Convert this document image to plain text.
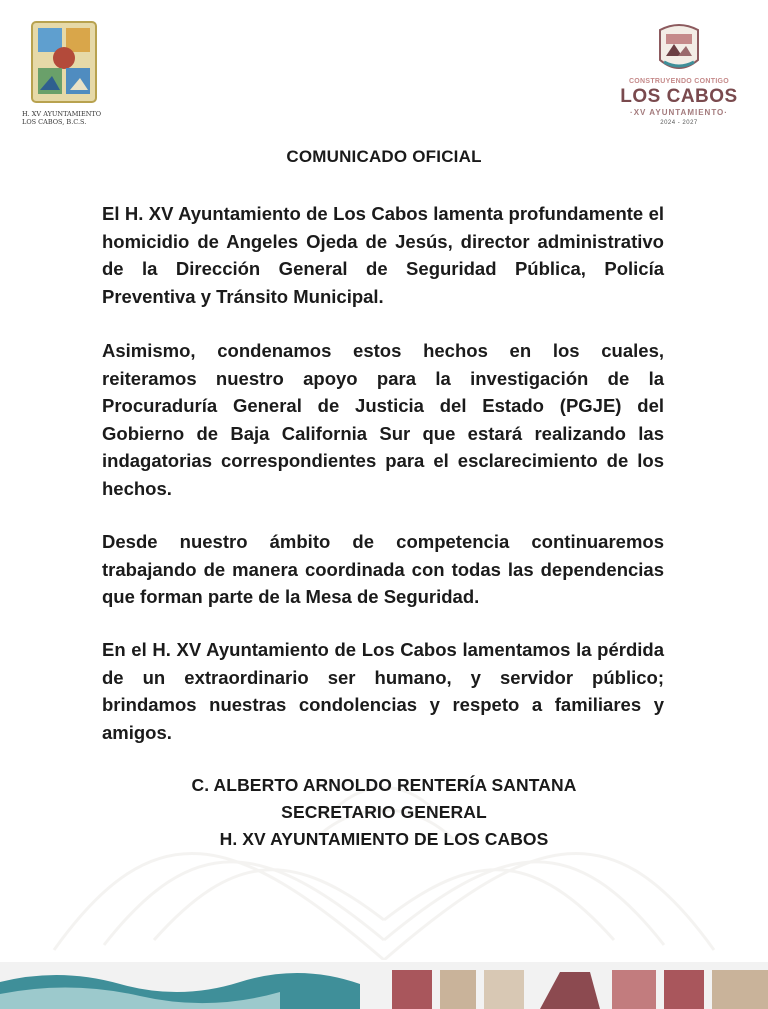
H. XV AYUNTAMIENTO
LOS CABOS, B.C.S.
CONSTRUYENDO CONTIGO
LOS CABOS
·XV AYUNTAMIENTO·
2024 - 2027
COMUNICADO OFICIAL
El H. XV Ayuntamiento de Los Cabos lamenta profundamente el homicidio de Angeles Ojeda de Jesús, director administrativo de la Dirección General de Seguridad Pública, Policía Preventiva y Tránsito Municipal.
Asimismo, condenamos estos hechos en los cuales, reiteramos nuestro apoyo para la investigación de la Procuraduría General de Justicia del Estado (PGJE) del Gobierno de Baja California Sur que estará realizando las indagatorias correspondientes para el esclarecimiento de los hechos.
Desde nuestro ámbito de competencia continuaremos trabajando de manera coordinada con todas las dependencias que forman parte de la Mesa de Seguridad.
En el H. XV Ayuntamiento de Los Cabos lamentamos la pérdida de un extraordinario ser humano, y servidor público; brindamos nuestras condolencias y respeto a familiares y amigos.
C. ALBERTO ARNOLDO RENTERÍA SANTANA
SECRETARIO GENERAL
H. XV AYUNTAMIENTO DE LOS CABOS
